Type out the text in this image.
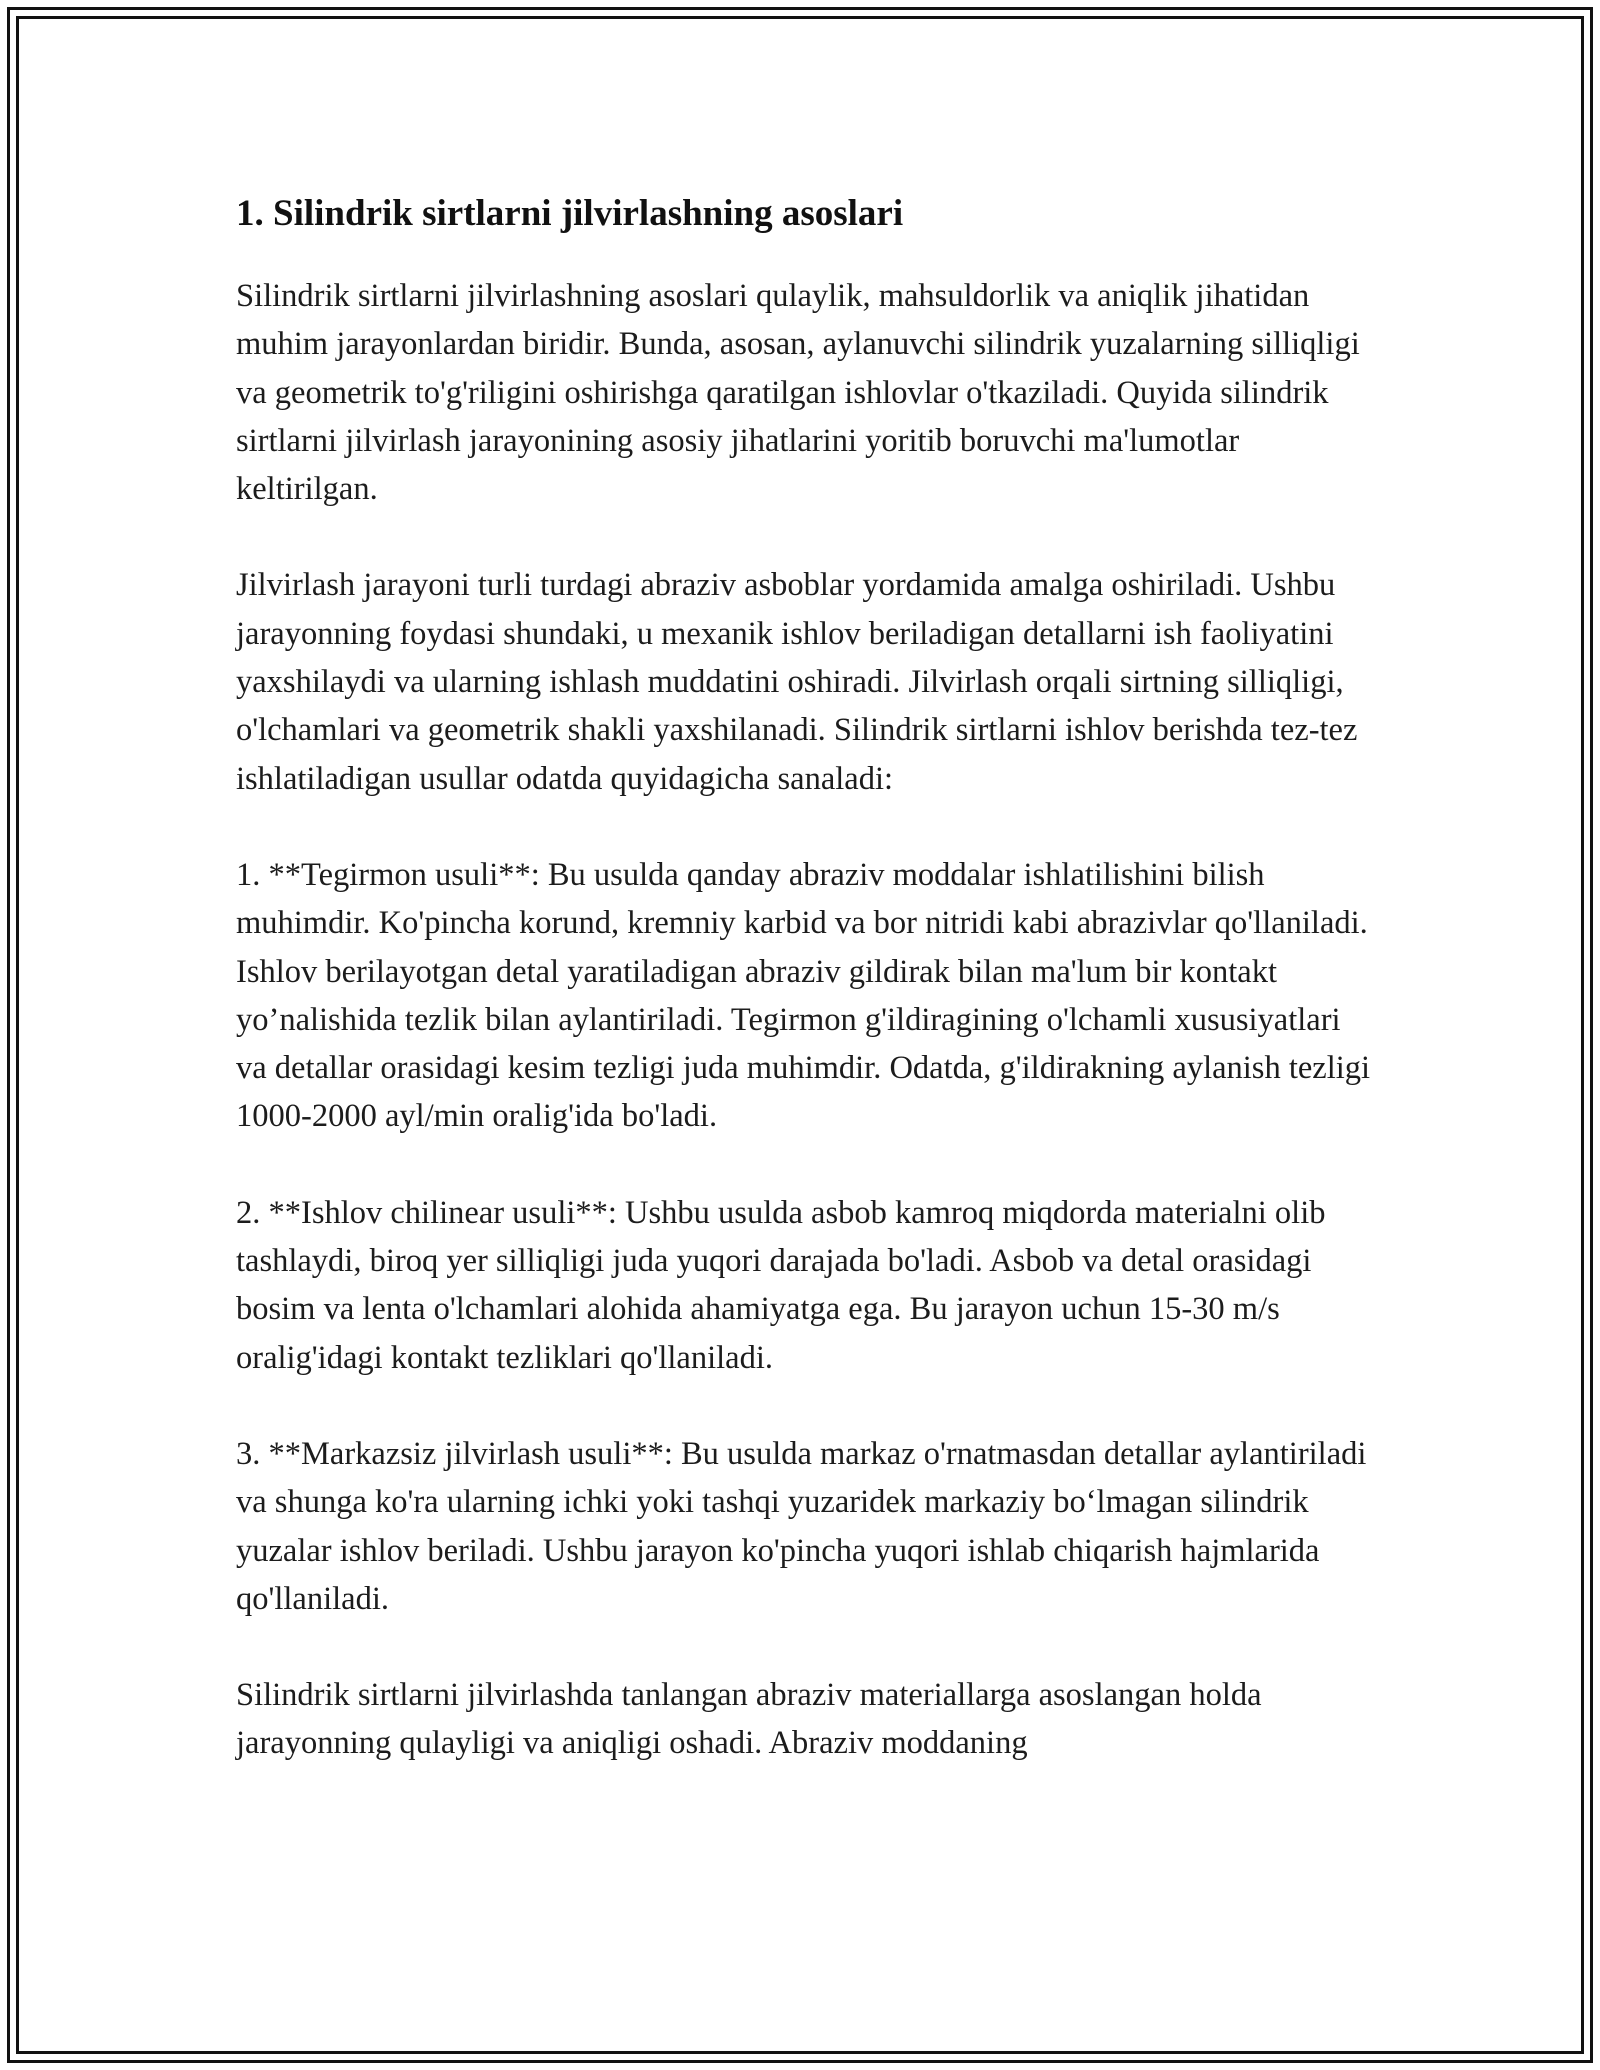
1. Silindrik sirtlarni jilvirlashning asoslari

Silindrik sirtlarni jilvirlashning asoslari qulaylik, mahsuldorlik va aniqlik jihatidan muhim jarayonlardan biridir. Bunda, asosan, aylanuvchi silindrik yuzalarning silliqligi va geometrik to'g'riligini oshirishga qaratilgan ishlovlar o'tkaziladi. Quyida silindrik sirtlarni jilvirlash jarayonining asosiy jihatlarini yoritib boruvchi ma'lumotlar keltirilgan.

Jilvirlash jarayoni turli turdagi abraziv asboblar yordamida amalga oshiriladi. Ushbu jarayonning foydasi shundaki, u mexanik ishlov beriladigan detallarni ish faoliyatini yaxshilaydi va ularning ishlash muddatini oshiradi. Jilvirlash orqali sirtning silliqligi, o'lchamlari va geometrik shakli yaxshilanadi. Silindrik sirtlarni ishlov berishda tez-tez ishlatiladigan usullar odatda quyidagicha sanaladi:

1. **Tegirmon usuli**: Bu usulda qanday abraziv moddalar ishlatilishini bilish muhimdir. Ko'pincha korund, kremniy karbid va bor nitridi kabi abrazivlar qo'llaniladi. Ishlov berilayotgan detal yaratiladigan abraziv gildirak bilan ma'lum bir kontakt yo’nalishida tezlik bilan aylantiriladi. Tegirmon g'ildiragining o'lchamli xususiyatlari va detallar orasidagi kesim tezligi juda muhimdir. Odatda, g'ildirakning aylanish tezligi 1000-2000 ayl/min oralig'ida bo'ladi.

2. **Ishlov chilinear usuli**: Ushbu usulda asbob kamroq miqdorda materialni olib tashlaydi, biroq yer silliqligi juda yuqori darajada bo'ladi. Asbob va detal orasidagi bosim va lenta o'lchamlari alohida ahamiyatga ega. Bu jarayon uchun 15-30 m/s oralig'idagi kontakt tezliklari qo'llaniladi.

3. **Markazsiz jilvirlash usuli**: Bu usulda markaz o'rnatmasdan detallar aylantiriladi va shunga ko'ra ularning ichki yoki tashqi yuzaridek markaziy bo‘lmagan silindrik yuzalar ishlov beriladi. Ushbu jarayon ko'pincha yuqori ishlab chiqarish hajmlarida qo'llaniladi.

Silindrik sirtlarni jilvirlashda tanlangan abraziv materiallarga asoslangan holda jarayonning qulayligi va aniqligi oshadi. Abraziv moddaning
